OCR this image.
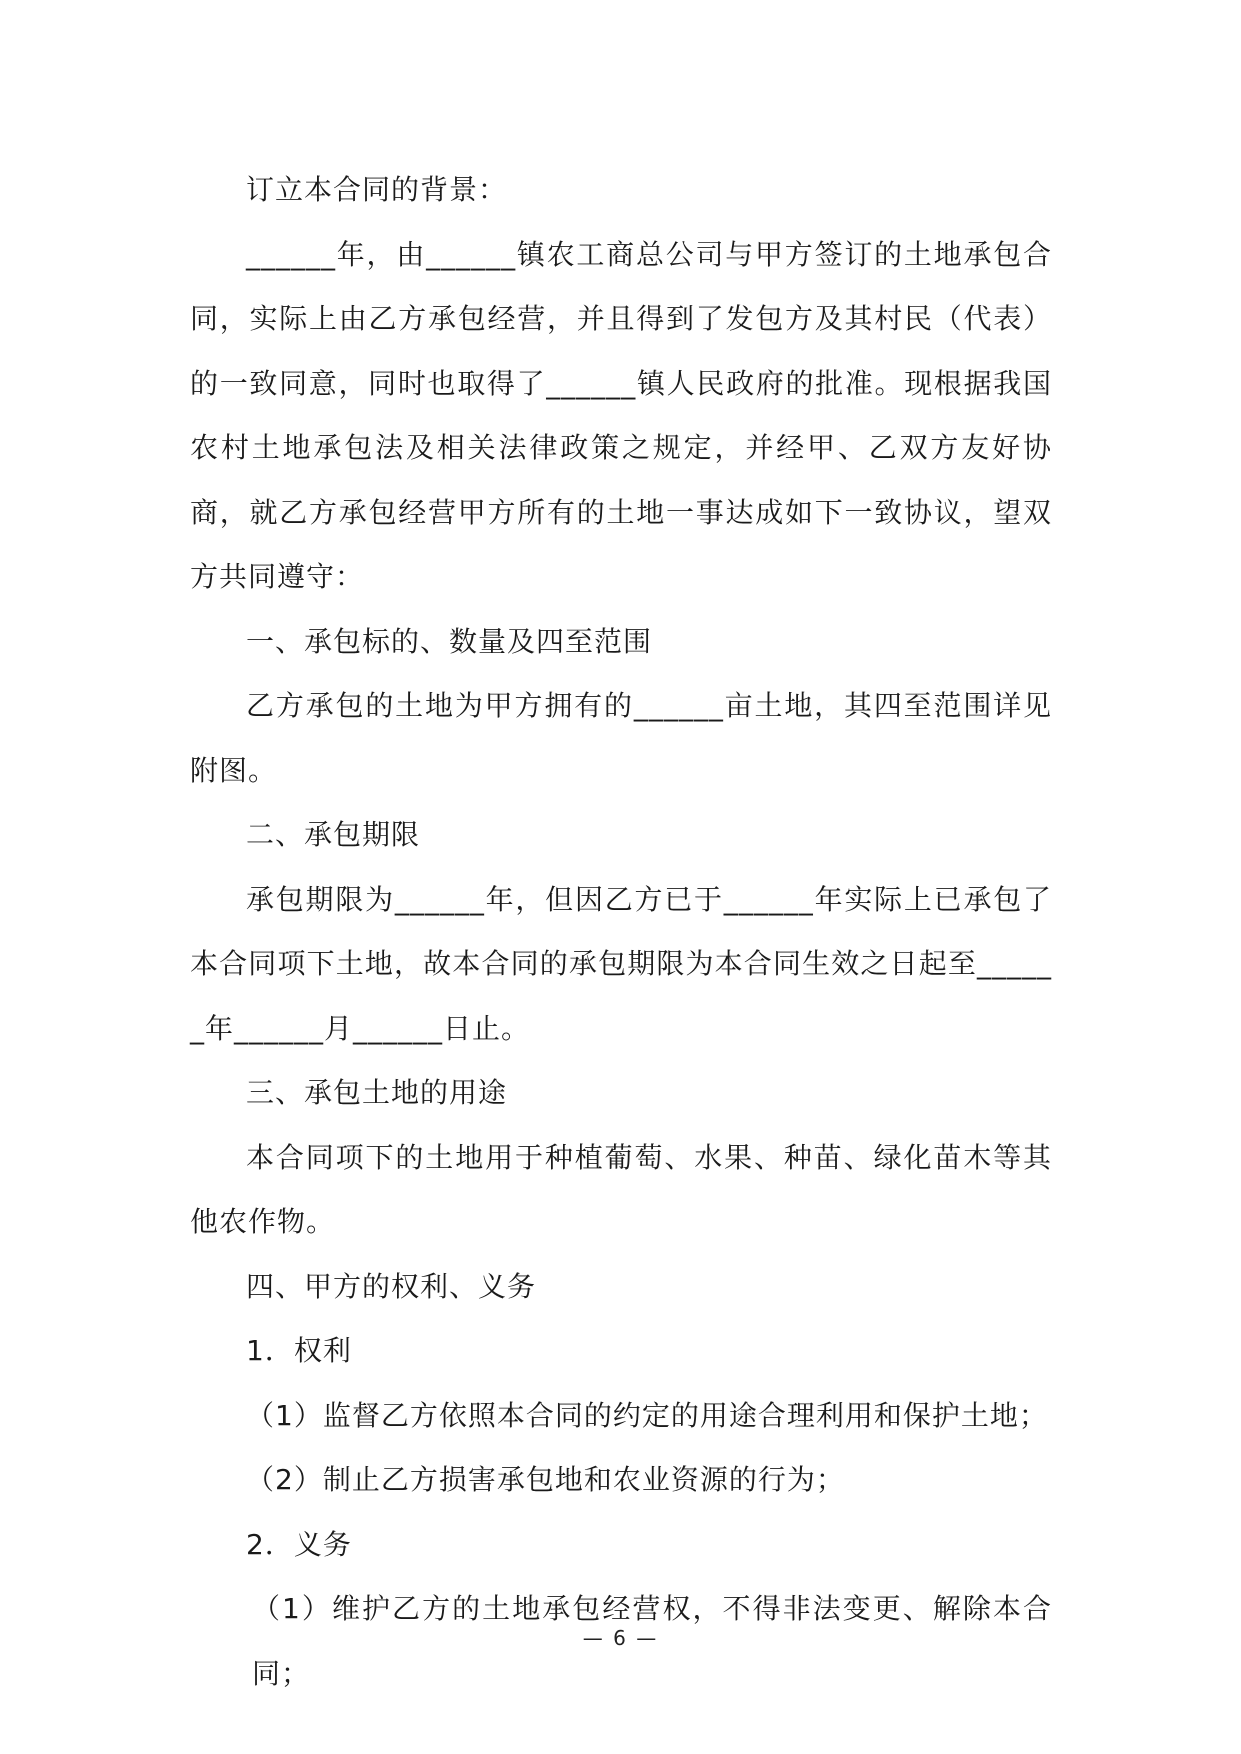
订立本合同的背景：

______年，由______镇农工商总公司与甲方签订的土地承包合同，实际上由乙方承包经营，并且得到了发包方及其村民（代表）的一致同意，同时也取得了______镇人民政府的批准。现根据我国农村土地承包法及相关法律政策之规定，并经甲、乙双方友好协商，就乙方承包经营甲方所有的土地一事达成如下一致协议，望双方共同遵守：

一、承包标的、数量及四至范围

乙方承包的土地为甲方拥有的______亩土地，其四至范围详见附图。

二、承包期限

承包期限为______年，但因乙方已于______年实际上已承包了本合同项下土地，故本合同的承包期限为本合同生效之日起至______年______月______日止。

三、承包土地的用途

本合同项下的土地用于种植葡萄、水果、种苗、绿化苗木等其他农作物。

四、甲方的权利、义务

1．权利

（1）监督乙方依照本合同的约定的用途合理利用和保护土地；

（2）制止乙方损害承包地和农业资源的行为；

2．义务

（1）维护乙方的土地承包经营权，不得非法变更、解除本合同；

— 6 —
